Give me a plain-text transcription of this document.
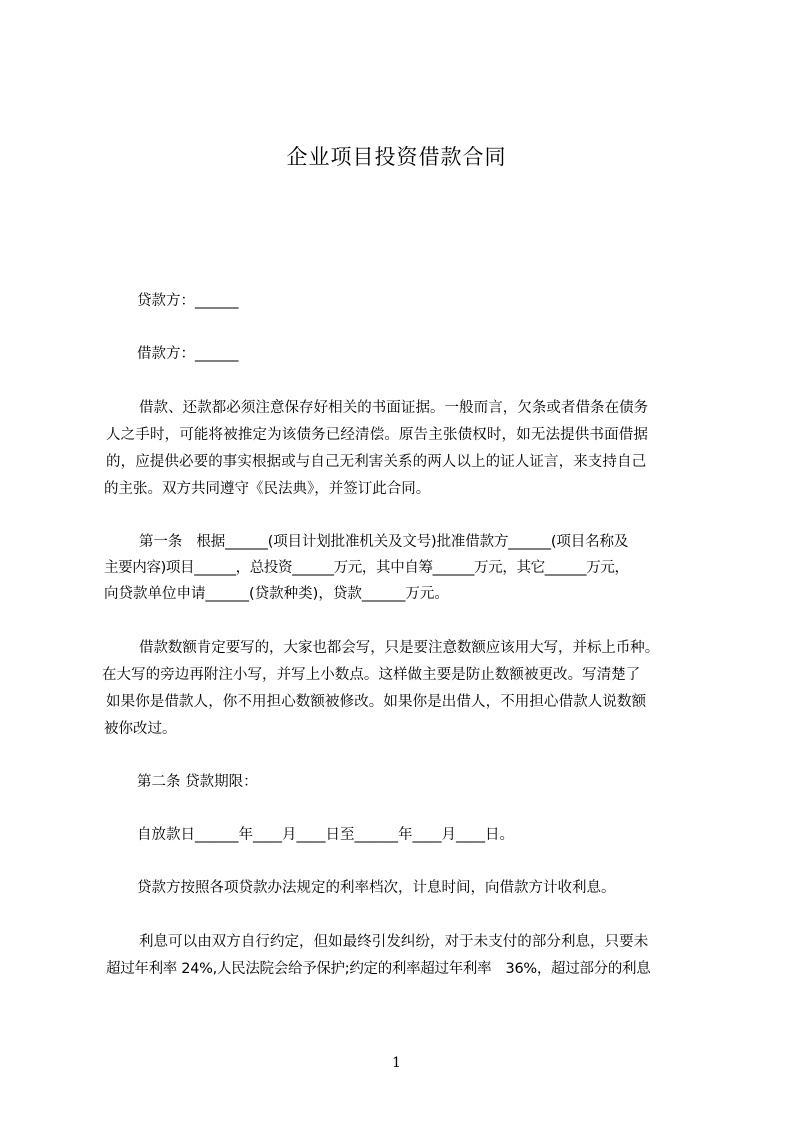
企业项目投资借款合同
贷款方：______
借款方：______
借款、还款都必须注意保存好相关的书面证据。一般而言，欠条或者借条在债务
人之手时，可能将被推定为该债务已经清偿。原告主张债权时，如无法提供书面借据
的，应提供必要的事实根据或与自己无利害关系的两人以上的证人证言，来支持自己
的主张。双方共同遵守《民法典》，并签订此合同。
第一条　根据______(项目计划批准机关及文号)批准借款方______(项目名称及
主要内容)项目______，总投资______万元，其中自筹______万元，其它______万元，
向贷款单位申请______(贷款种类)，贷款______万元。
借款数额肯定要写的，大家也都会写，只是要注意数额应该用大写，并标上币种。
在大写的旁边再附注小写，并写上小数点。这样做主要是防止数额被更改。写清楚了
如果你是借款人，你不用担心数额被修改。如果你是出借人，不用担心借款人说数额
被你改过。
第二条 贷款期限：
自放款日______年____月____日至______年____月____日。
贷款方按照各项贷款办法规定的利率档次，计息时间，向借款方计收利息。
利息可以由双方自行约定，但如最终引发纠纷，对于未支付的部分利息，只要未
超过年利率 24%,人民法院会给予保护;约定的利率超过年利率　36%，超过部分的利息
1
